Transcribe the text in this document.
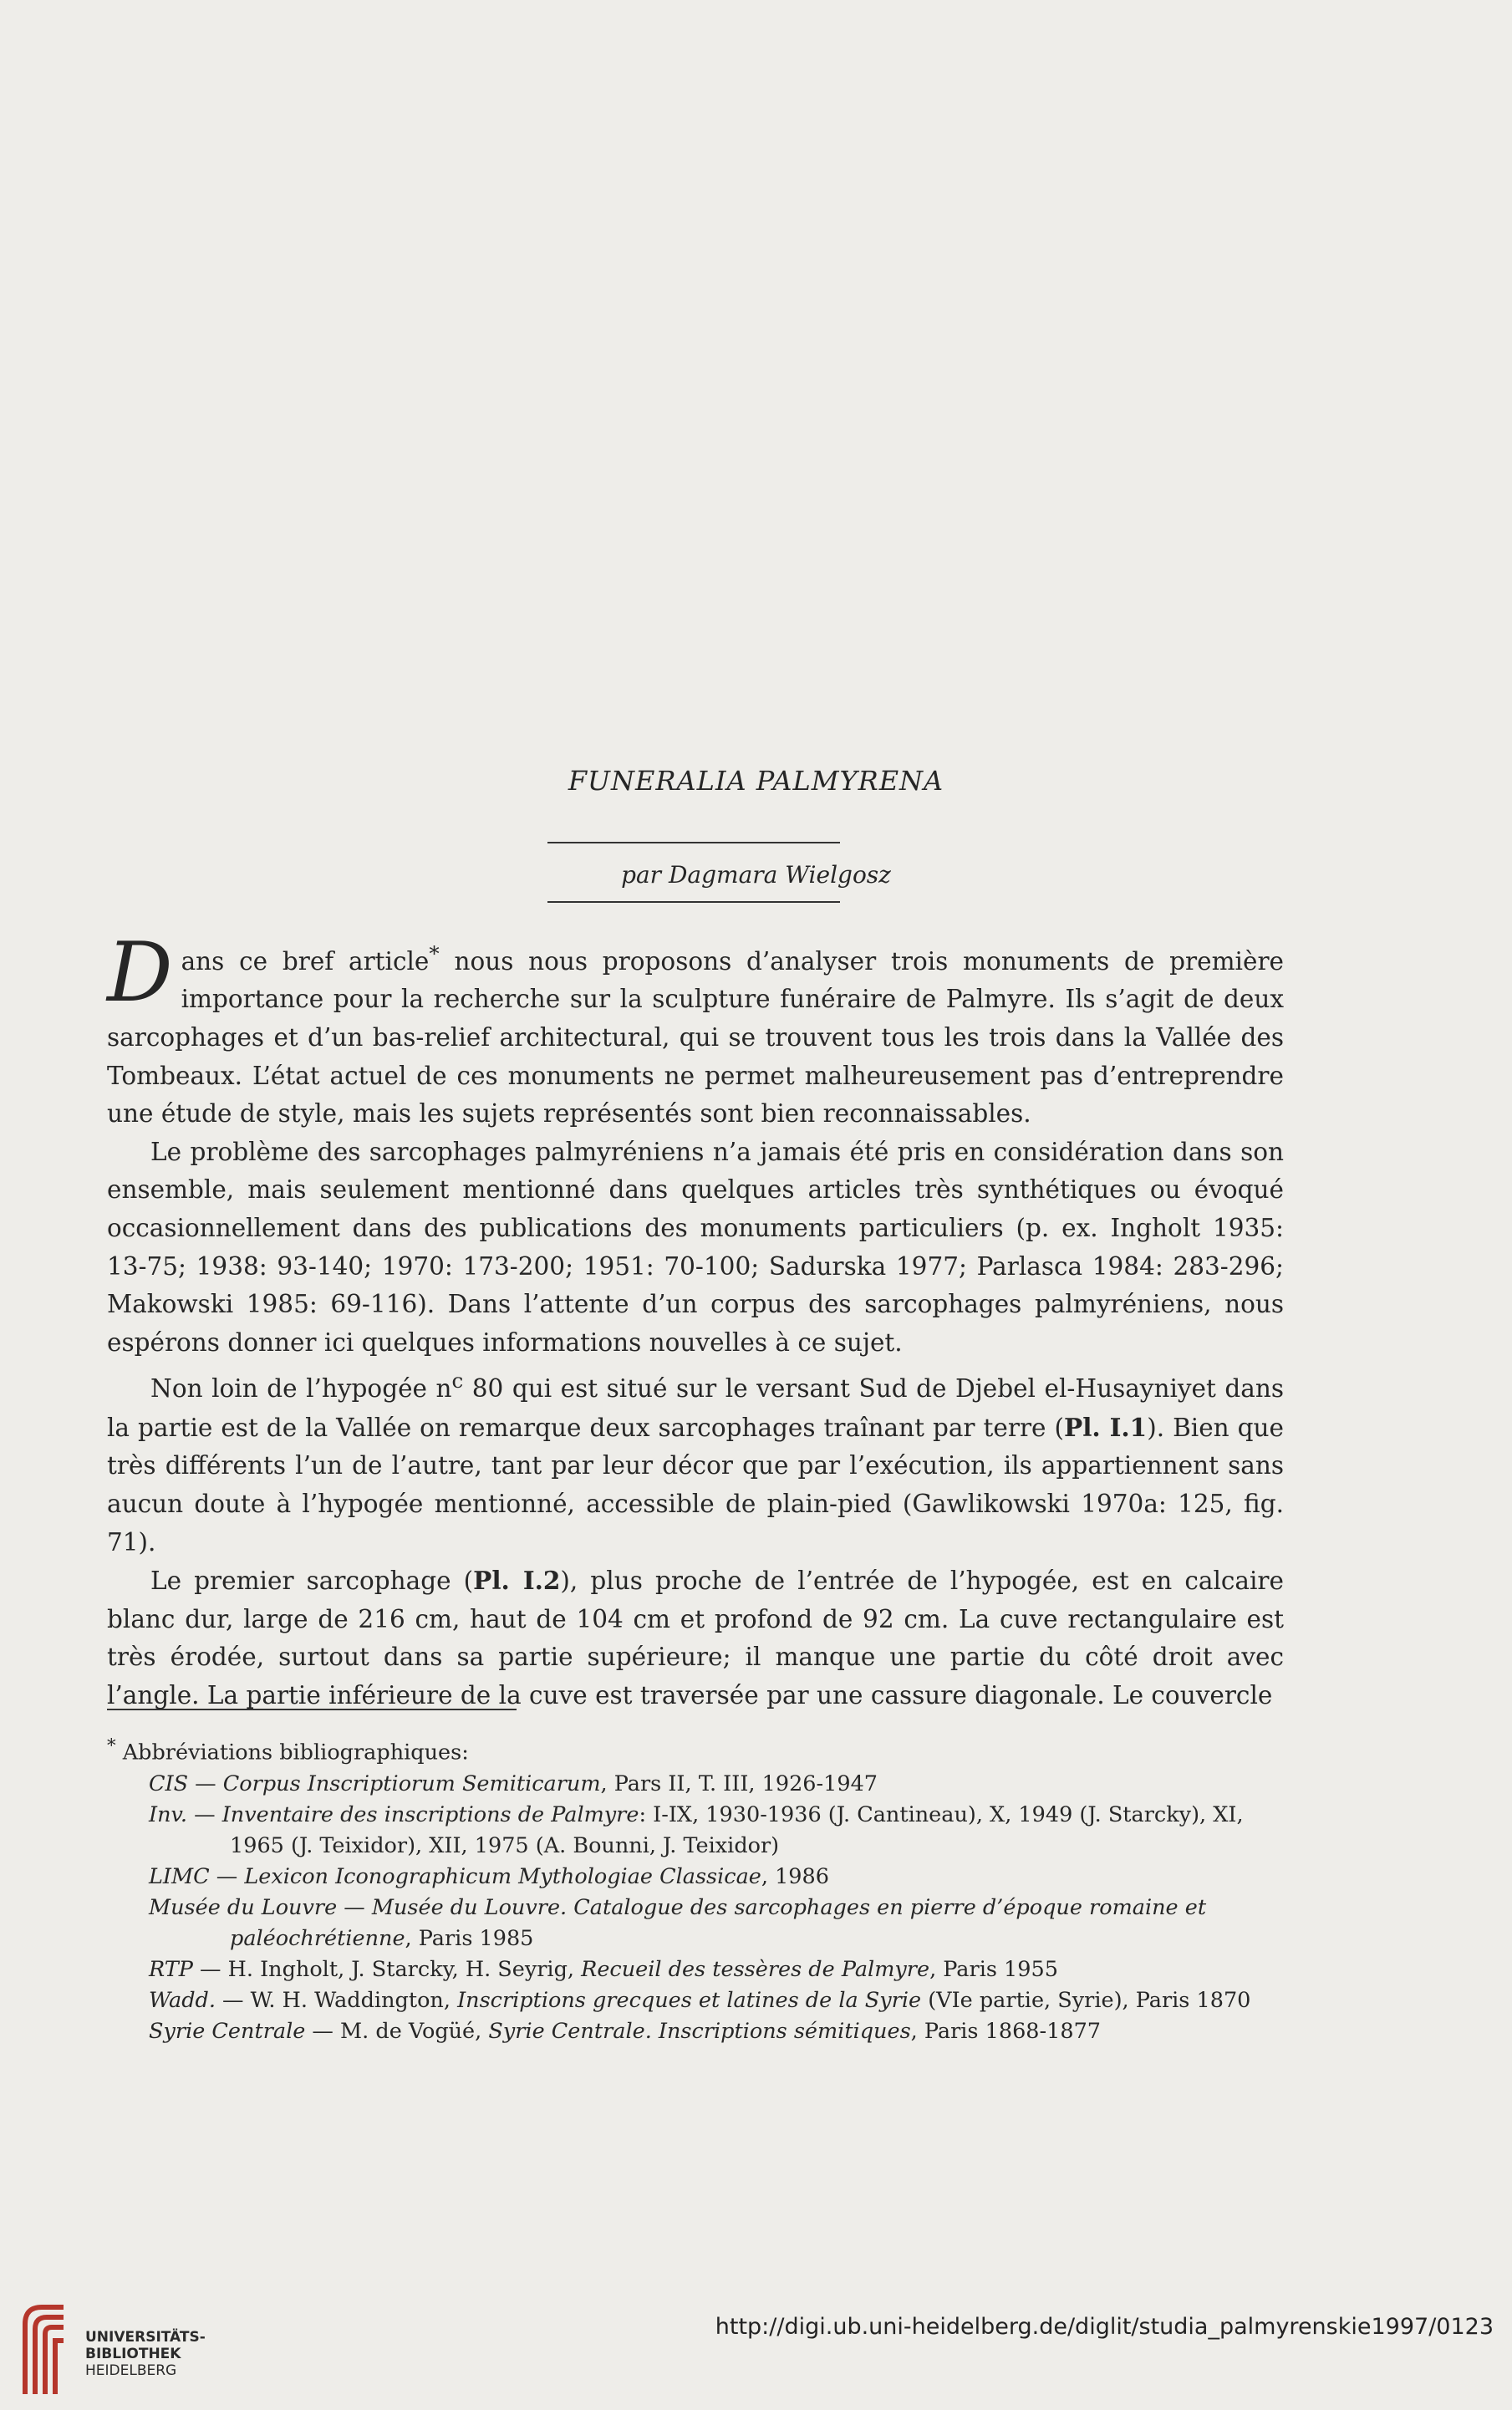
FUNERALIA PALMYRENA
par Dagmara Wielgosz

Dans ce bref article* nous nous proposons d’analyser trois monuments de première importance pour la recherche sur la sculpture funéraire de Palmyre. Ils s’agit de deux sarcophages et d’un bas-relief architectural, qui se trouvent tous les trois dans la Vallée des Tombeaux. L’état actuel de ces monuments ne permet malheureusement pas d’entreprendre une étude de style, mais les sujets représentés sont bien reconnaissables.

Le problème des sarcophages palmyréniens n’a jamais été pris en considération dans son ensemble, mais seulement mentionné dans quelques articles très synthétiques ou évoqué occasionnellement dans des publications des monuments particuliers (p. ex. Ingholt 1935: 13-75; 1938: 93-140; 1970: 173-200; 1951: 70-100; Sadurska 1977; Parlasca 1984: 283-296; Makowski 1985: 69-116). Dans l’attente d’un corpus des sarcophages palmyréniens, nous espérons donner ici quelques informations nouvelles à ce sujet.

Non loin de l’hypogée $n^c$ 80 qui est situé sur le versant Sud de Djebel el-Husayniyet dans la partie est de la Vallée on remarque deux sarcophages traînant par terre (Pl. I.1). Bien que très différents l’un de l’autre, tant par leur décor que par l’exécution, ils appartiennent sans aucun doute à l’hypogée mentionné, accessible de plain-pied (Gawlikowski 1970a: 125, fig. 71).

Le premier sarcophage (Pl. I.2), plus proche de l’entrée de l’hypogée, est en calcaire blanc dur, large de 216 cm, haut de 104 cm et profond de 92 cm. La cuve rectangulaire est très érodée, surtout dans sa partie supérieure; il manque une partie du côté droit avec l’angle. La partie inférieure de la cuve est traversée par une cassure diagonale. Le couvercle

* Abbréviations bibliographiques:

CIS — Corpus Inscriptiorum Semiticarum, Pars II, T. III, 1926-1947

Inv. — Inventaire des inscriptions de Palmyre: I-IX, 1930-1936 (J. Cantineau), X, 1949 (J. Starcky), XI, 1965 (J. Teixidor), XII, 1975 (A. Bounni, J. Teixidor)

LIMC — Lexicon Iconographicum Mythologiae Classicae, 1986

Musée du Louvre — Musée du Louvre. Catalogue des sarcophages en pierre d’époque romaine et paléochrétienne, Paris 1985

RTP — H. Ingholt, J. Starcky, H. Seyrig, Recueil des tessères de Palmyre, Paris 1955

Wadd. — W. H. Waddington, Inscriptions grecques et latines de la Syrie (VIe partie, Syrie), Paris 1870

Syrie Centrale — M. de Vogüé, Syrie Centrale. Inscriptions sémitiques, Paris 1868-1877

UNIVERSITÄTS-
BIBLIOTHEK
HEIDELBERG
http://digi.ub.uni-heidelberg.de/diglit/studia_palmyrenskie1997/0123
